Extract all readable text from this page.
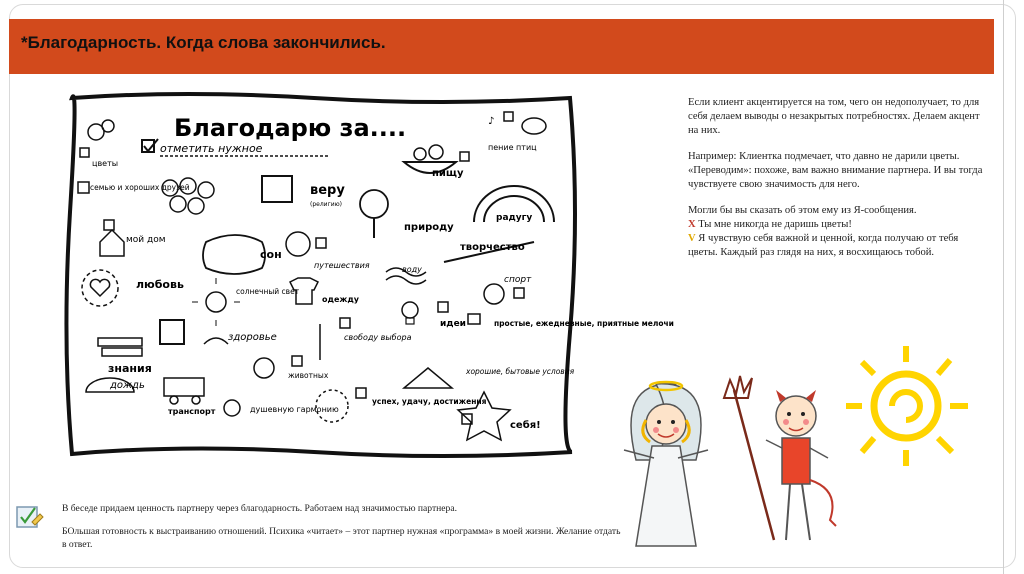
*Благодарность. Когда слова закончились.
Благодарю за....
отметить нужное
цветы
♪
пение птиц
пищу
семью и хороших друзей	веру
(религию)
радугу
природу
мой дом
сон
путешествия	воду
творчество
любовь	спорт
солнечный свет
одежду
идеи	простые, ежедневные, приятные мелочи
знания
здоровье	свободу выбора
животных	хорошие, бытовые условия
дождь
транспорт	душевную гармонию
успех, удачу, достижения
себя!

Если клиент акцентируется на том, чего он недополучает, то для себя делаем выводы о незакрытых потребностях. Делаем акцент на них.

Например: Клиентка подмечает, что давно не дарили цветы.
«Переводим»: похоже, вам важно внимание партнера. И вы тогда чувствуете свою значимость для него.

Могли бы вы сказать об этом ему из Я-сообщения.
X Ты мне никогда не даришь цветы!
V Я чувствую себя важной и ценной, когда получаю от тебя цветы. Каждый раз глядя на них, я восхищаюсь тобой.

В беседе придаем ценность партнеру через благодарность. Работаем над значимостью партнера.

БОльшая готовность к выстраиванию отношений. Психика «читает» – этот партнер нужная «программа» в моей жизни. Желание отдать в ответ.
